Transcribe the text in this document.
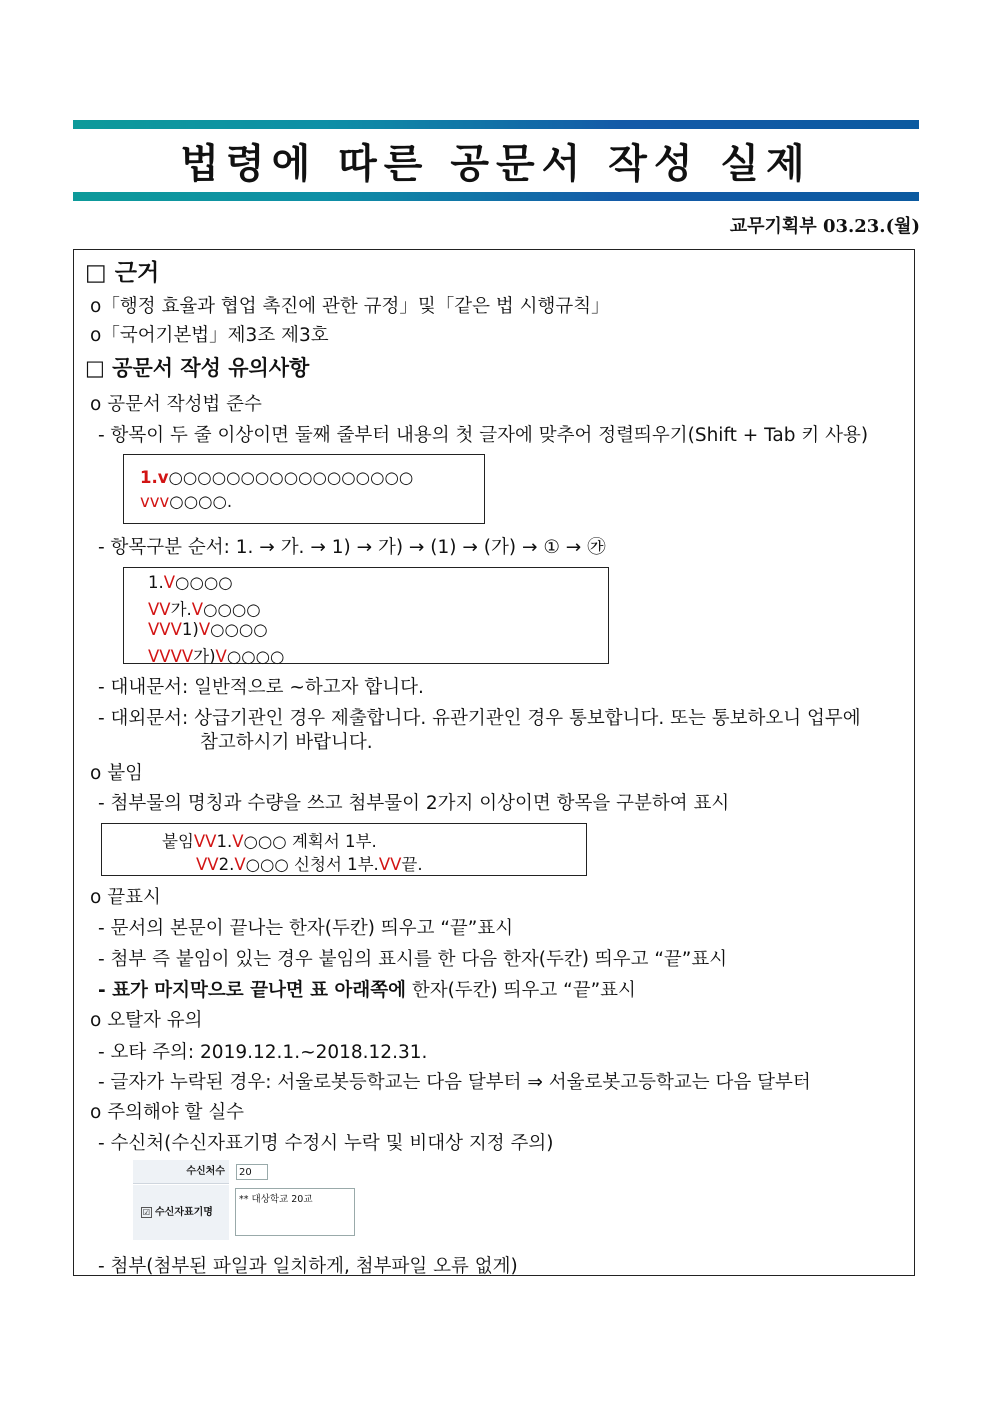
법령에 따른 공문서 작성 실제
교무기획부 03.23.(월)
□ 근거
o「행정 효율과 협업 촉진에 관한 규정」및「같은 법 시행규칙」
o「국어기본법」제3조 제3호
□ 공문서 작성 유의사항
o 공문서 작성법 준수
- 항목이 두 줄 이상이면 둘째 줄부터 내용의 첫 글자에 맞추어 정렬띄우기(Shift + Tab 키 사용)
1.v○○○○○○○○○○○○○○○○○
vvv○○○○.
- 항목구분 순서: 1. → 가. → 1) → 가) → (1) → (가) → ① → ㉮
1.V○○○○
VV가.V○○○○
VVV1)V○○○○
VVVV가)V○○○○
- 대내문서: 일반적으로 ~하고자 합니다.
- 대외문서: 상급기관인 경우 제출합니다. 유관기관인 경우 통보합니다. 또는 통보하오니 업무에
참고하시기 바랍니다.
o 붙임
- 첨부물의 명칭과 수량을 쓰고 첨부물이 2가지 이상이면 항목을 구분하여 표시
붙임VV1.V○○○ 계획서 1부.
VV2.V○○○ 신청서 1부.VV끝.
o 끝표시
- 문서의 본문이 끝나는 한자(두칸) 띄우고 “끝”표시
- 첨부 즉 붙임이 있는 경우 붙임의 표시를 한 다음 한자(두칸) 띄우고 “끝”표시
- 표가 마지막으로 끝나면 표 아래쪽에 한자(두칸) 띄우고 “끝”표시
o 오탈자 유의
- 오타 주의: 2019.12.1.~2018.12.31.
- 글자가 누락된 경우: 서울로봇등학교는 다음 달부터 ⇒ 서울로봇고등학교는 다음 달부터
o 주의해야 할 실수
- 수신처(수신자표기명 수정시 누락 및 비대상 지정 주의)
수신처수	20
☑ 수신자표기명
** 대상학교 20교
- 첨부(첨부된 파일과 일치하게, 첨부파일 오류 없게)
